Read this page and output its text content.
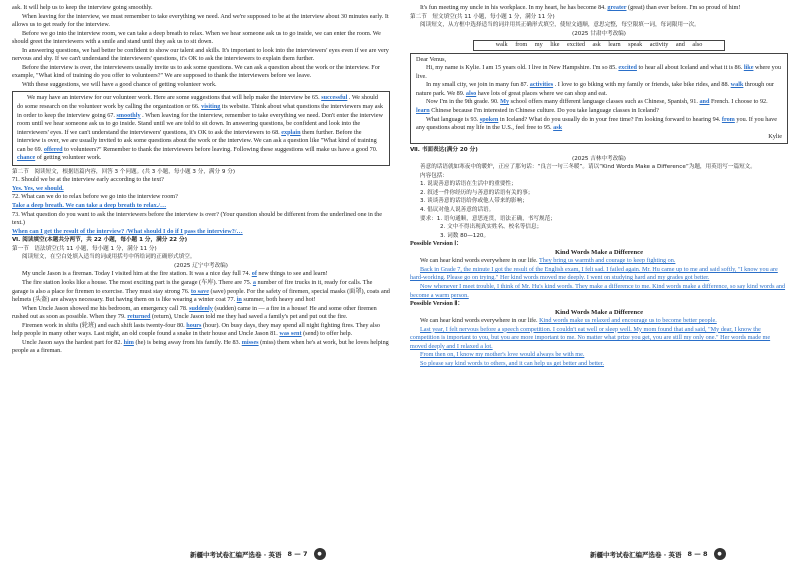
ask. It will help us to keep the interview going smoothly.

When leaving for the interview, we must remember to take everything we need. And we're supposed to be at the interview about 30 minutes early. It allows us to get ready for the interview.

Before we go into the interview room, we can take a deep breath to relax. When we hear someone ask us to go inside, we can enter the room. We should greet the interviewers with a smile and stand until they ask us to sit down.

In answering questions, we had better be confident to show our talent and skills. It's important to look into the interviewers' eyes even if we are very nervous and shy. If we can't understand the interviewers' questions, it's OK to ask the interviewers to explain them further.

Before the interview is over, the interviewers usually invite us to ask some questions. We can ask a question about the work or the interview. For example, "What kind of training do you offer to volunteers?" We are supposed to thank the interviewers before we leave.

With these suggestions, we will have a good chance of getting volunteer work.

We may have an interview for our volunteer work. Here are some suggestions that will help make the interview be 65. successful . We should do some research on the volunteer work by calling the organization or 66. visiting its website. Think about what questions the interviewers may ask in order to keep the interview going 67. smoothly . When leaving for the interview, remember to take everything we need. Don't enter the interview room until we hear someone ask us to go inside. Stand until we are told to sit down. In answering questions, be confident and look into the interviewers' eyes. If we can't understand the interviewers' questions, it's OK to ask the interviewers to 68. explain them further. Before the interview is over, we are usually invited to ask some questions about the work or the interview. We can ask a question like "What kind of training can be 69. offered to volunteers?" Remember to thank the interviewers before leaving. Following these suggestions will make us have a good 70. chance of getting volunteer work.

第二节　阅读短文，根据语篇内容，回答 3 个问题。(共 3 小题，每小题 3 分，满分 9 分)

71. Should we be at the interview early according to the text?

Yes. Yes, we should.

72. What can we do to relax before we go into the interview room?

Take a deep breath. We can take a deep breath to relax./…

73. What question do you want to ask the interviewers before the interview is over? (Your question should be different from the underlined one in the text.)

When can I get the result of the interview? /What should I do if I pass the interview?/…

Ⅵ. 阅读填空(本题共分两节，共 22 小题，每小题 1 分，满分 22 分)

第一节　语法填空(共 11 小题，每小题 1 分，满分 11 分)

阅读短文，在空白处填入适当的词或用括号中所给词的正确形式填空。

(2025 辽宁中考改编)

My uncle Jason is a fireman. Today I visited him at the fire station. It was a nice day full 74. of new things to see and learn!

The fire station looks like a house. The most exciting part is the garage (车库). There are 75. a number of fire trucks in it, ready for calls. The garage is also a place for firemen to exercise. They must stay strong 76. to save (save) people. For the safety of firemen, special masks (面罩), coats and helmets (头盔) are always necessary. But having them on is like wearing a winter coat 77. in summer, both heavy and hot!

When Uncle Jason showed me his bedroom, an emergency call 78. suddenly (sudden) came in — a fire in a house! He and some other firemen rushed out as soon as possible. When they 79. returned (return), Uncle Jason told me they had saved a family's pet and put out the fire.

Firemen work in shifts (轮班) and each shift lasts twenty-four 80. hours (hour). On busy days, they may spend all night fighting fires. They also help people in many other ways. Last night, an old couple found a snake in their house and Uncle Jason 81. was sent (send) to offer help.

Uncle Jason says the hardest part for 82. him (he) is being away from his family. He 83. misses (miss) them when he's at work, but he loves helping people as a fireman.

新疆中考试卷汇编严选卷 · 英语 8 — 7	●

It's fun meeting my uncle in his workplace. In my heart, he has become 84. greater (great) than ever before. I'm so proud of him!

第二节　短文填空(共 11 小题，每小题 1 分，满分 11 分)

阅读短文，从方框中选择适当的词并用其正确形式填空，使短文通顺，意思完整，每空限填一词，每词限用一次。

(2025 甘肃中考改编)

walk from my like excited ask learn speak activity and also

Dear Venus,

Hi, my name is Kylie. I am 15 years old. I live in New Hampshire. I'm so 85. excited to hear all about Iceland and what it is 86. like where you live.

In my small city, we join in many fun 87. activities . I love to go biking with my family or friends, take bike rides, and 88. walk through our nature park. We 89. also have lots of great places where we can shop and eat.

Now I'm in the 9th grade. 90. My school offers many different language classes such as Chinese, Spanish, 91. and French. I choose to 92. learn Chinese because I'm interested in Chinese culture. Do you take language classes in Iceland?

What language is 93. spoken in Iceland? What do you usually do in your free time? I'm looking forward to hearing 94. from you. If you have any questions about my life in the U.S., feel free to 95. ask

Kylie

Ⅶ. 书面表达(满分 20 分)

(2025 吉林中考改编)

善意的话语就如寒夜中的暖炉，正应了那句话：“良言一句三冬暖”。请以“Kind Words Make a Difference”为题，用英语写一篇短文。

内容包括：

1. 说说善意的话语在生活中的重要性；

2. 叙述一件你经历的与善意的话语有关的事；

3. 谈谈善意的话语给你或他人带来的影响；

4. 倡议对他人说善意的话语。

要求：1. 语句通顺，意思连贯，语法正确，书写规范；

2. 文中不得出现真实姓名、校名等信息；

3. 词数 80—120。

Possible Version Ⅰ：

Kind Words Make a Difference

We can hear kind words everywhere in our life. They bring us warmth and courage to keep fighting on.

Back in Grade 7, the minute I got the result of the English exam, I felt sad. I failed again. Mr. Hu came up to me and said softly, "I know you are hard-working. Please go on trying." Her kind words moved me deeply. I went on studying hard and my grades got better.

Now whenever I meet trouble, I think of Mr. Hu's kind words. They make a difference to me. Kind words make a difference, so say kind words and become a warm person.

Possible Version Ⅱ：

Kind Words Make a Difference

We can hear kind words everywhere in our life. Kind words make us relaxed and encourage us to become better people.

Last year, I felt nervous before a speech competition. I couldn't eat well or sleep well. My mom found that and said, "My dear, I know the competition is important to you, but you are more important to me. No matter what prize you get, you are still my only one." Her words made me moved deeply and I relaxed a lot.

From then on, I know my mother's love would always be with me.

So please say kind words to others, and it can help us get better and better.

新疆中考试卷汇编严选卷 · 英语 8 — 8	●
